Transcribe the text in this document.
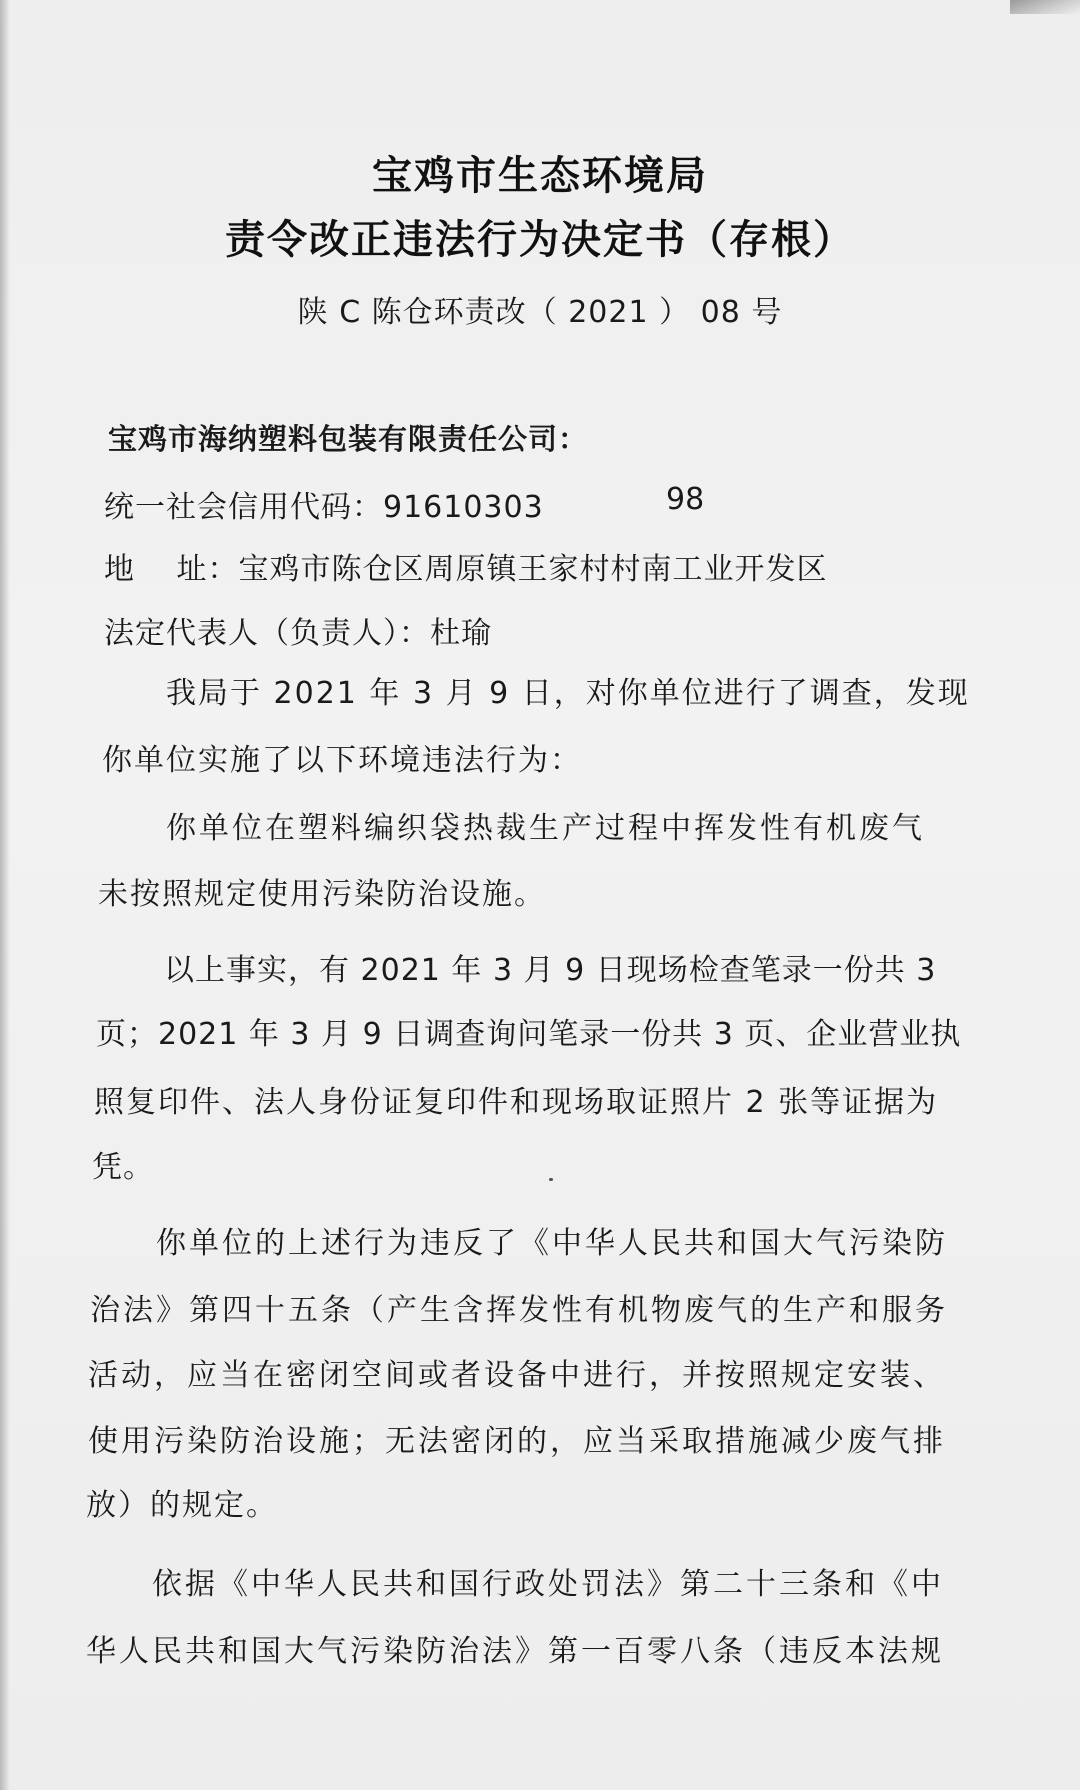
宝鸡市生态环境局
责令改正违法行为决定书（存根）
陕 C 陈仓环责改（ 2021 ） 08 号
宝鸡市海纳塑料包装有限责任公司：
统一社会信用代码：91610303	98
地　 址：宝鸡市陈仓区周原镇王家村村南工业开发区
法定代表人（负责人）：杜瑜
我局于 2021 年 3 月 9 日，对你单位进行了调查，发现
你单位实施了以下环境违法行为：
你单位在塑料编织袋热裁生产过程中挥发性有机废气
未按照规定使用污染防治设施。
以上事实，有 2021 年 3 月 9 日现场检查笔录一份共 3
页；2021 年 3 月 9 日调查询问笔录一份共 3 页、企业营业执
照复印件、法人身份证复印件和现场取证照片 2 张等证据为
凭。
你单位的上述行为违反了《中华人民共和国大气污染防
治法》第四十五条（产生含挥发性有机物废气的生产和服务
活动，应当在密闭空间或者设备中进行，并按照规定安装、
使用污染防治设施；无法密闭的，应当采取措施减少废气排
放）的规定。
依据《中华人民共和国行政处罚法》第二十三条和《中
华人民共和国大气污染防治法》第一百零八条（违反本法规
